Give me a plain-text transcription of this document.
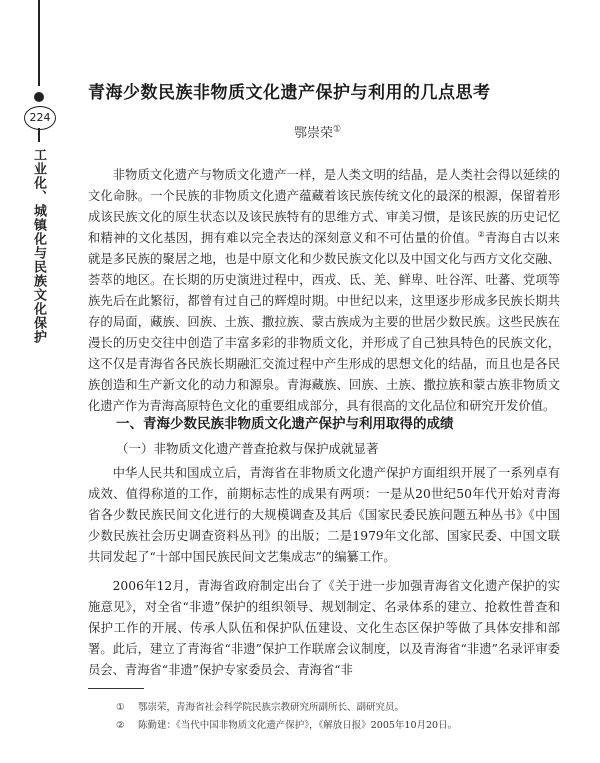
224
工业化、城镇化与民族文化保护
青海少数民族非物质文化遗产保护与利用的几点思考
鄂崇荣①

非物质文化遗产与物质文化遗产一样，是人类文明的结晶，是人类社会得以延续的文化命脉。一个民族的非物质文化遗产蕴藏着该民族传统文化的最深的根源，保留着形成该民族文化的原生状态以及该民族特有的思维方式、审美习惯，是该民族的历史记忆和精神的文化基因，拥有难以完全表达的深刻意义和不可估量的价值。②青海自古以来就是多民族的聚居之地，也是中原文化和少数民族文化以及中国文化与西方文化交融、荟萃的地区。在长期的历史演进过程中，西戎、氐、羌、鲜卑、吐谷浑、吐蕃、党项等族先后在此繁衍，都曾有过自己的辉煌时期。中世纪以来，这里逐步形成多民族长期共存的局面，藏族、回族、土族、撒拉族、蒙古族成为主要的世居少数民族。这些民族在漫长的历史交往中创造了丰富多彩的非物质文化，并形成了自己独具特色的民族文化，这不仅是青海省各民族长期融汇交流过程中产生形成的思想文化的结晶，而且也是各民族创造和生产新文化的动力和源泉。青海藏族、回族、土族、撒拉族和蒙古族非物质文化遗产作为青海高原特色文化的重要组成部分，具有很高的文化品位和研究开发价值。

一、青海少数民族非物质文化遗产保护与利用取得的成绩
（一）非物质文化遗产普查抢救与保护成就显著

中华人民共和国成立后，青海省在非物质文化遗产保护方面组织开展了一系列卓有成效、值得称道的工作，前期标志性的成果有两项：一是从20世纪50年代开始对青海省各少数民族民间文化进行的大规模调查及其后《国家民委民族问题五种丛书》《中国少数民族社会历史调查资料丛刊》的出版；二是1979年文化部、国家民委、中国文联共同发起了“十部中国民族民间文艺集成志”的编纂工作。

2006年12月，青海省政府制定出台了《关于进一步加强青海省文化遗产保护的实施意见》，对全省“非遗”保护的组织领导、规划制定、名录体系的建立、抢救性普查和保护工作的开展、传承人队伍和保护队伍建设、文化生态区保护等做了具体安排和部署。此后，建立了青海省“非遗”保护工作联席会议制度，以及青海省“非遗”名录评审委员会、青海省“非遗”保护专家委员会、青海省“非

① 鄂崇荣，青海省社会科学院民族宗教研究所副所长、副研究员。
② 陈勤建：《当代中国非物质文化遗产保护》，《解放日报》2005年10月20日。
